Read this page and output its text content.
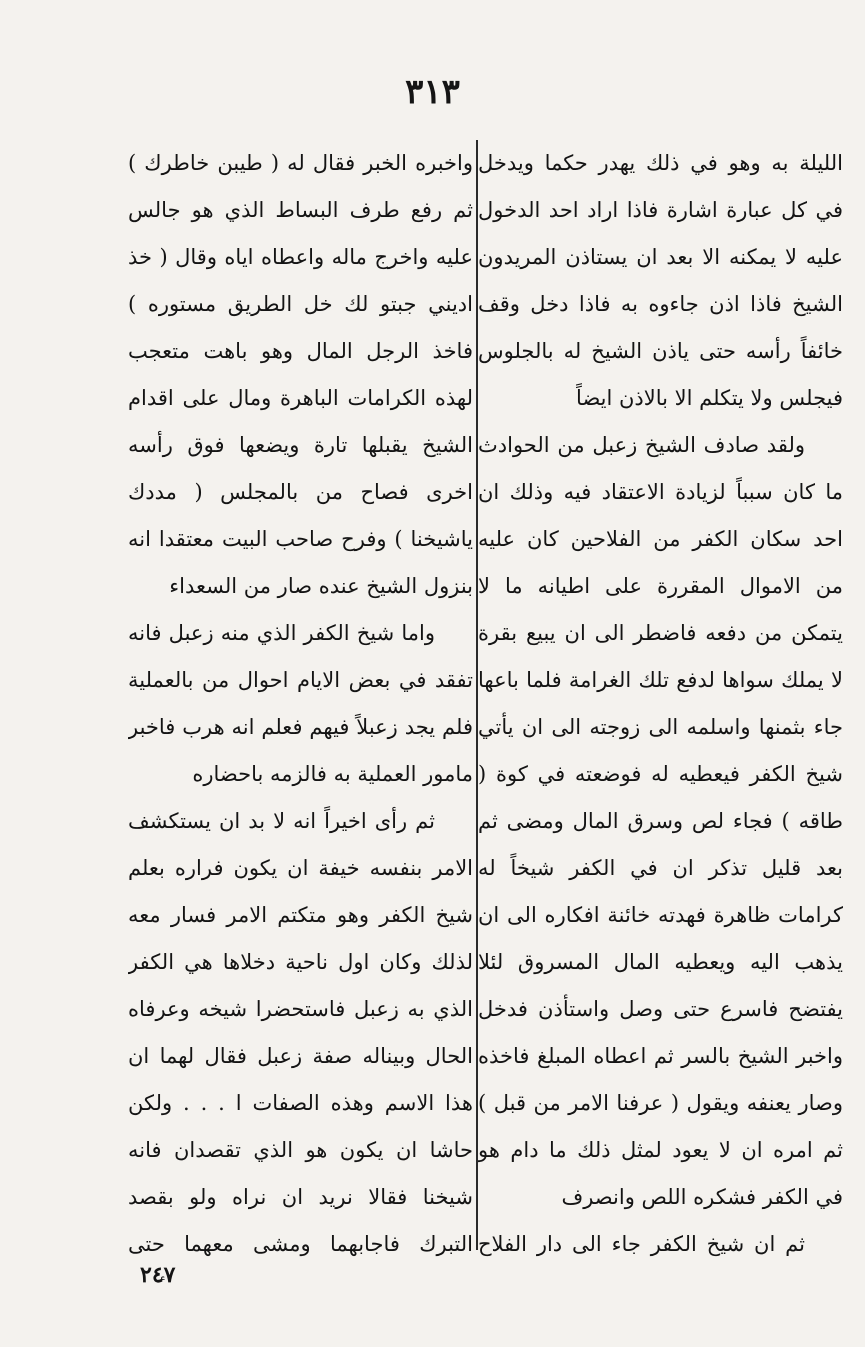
٣١٣

الليلة به وهو في ذلك يهدر حكما ويدخل في كل عبارة اشارة فاذا اراد احد الدخول عليه لا يمكنه الا بعد ان يستاذن المريدون الشيخ فاذا اذن جاءوه به فاذا دخل وقف خائفاً رأسه حتى ياذن الشيخ له بالجلوس فيجلس ولا يتكلم الا بالاذن ايضاً

ولقد صادف الشيخ زعبل من الحوادث ما كان سبباً لزيادة الاعتقاد فيه وذلك ان احد سكان الكفر من الفلاحين كان عليه من الاموال المقررة على اطيانه ما لا يتمكن من دفعه فاضطر الى ان يبيع بقرة لا يملك سواها لدفع تلك الغرامة فلما باعها جاء بثمنها واسلمه الى زوجته الى ان يأتي شيخ الكفر فيعطيه له فوضعته في كوة ( طاقه ) فجاء لص وسرق المال ومضى ثم بعد قليل تذكر ان في الكفر شيخاً له كرامات ظاهرة فهدته خائنة افكاره الى ان يذهب اليه ويعطيه المال المسروق لئلا يفتضح فاسرع حتى وصل واستأذن فدخل واخبر الشيخ بالسر ثم اعطاه المبلغ فاخذه وصار يعنفه ويقول ( عرفنا الامر من قبل ) ثم امره ان لا يعود لمثل ذلك ما دام هو في الكفر فشكره اللص وانصرف

ثم ان شيخ الكفر جاء الى دار الفلاح

واخبره الخبر فقال له ( طيبن خاطرك ) ثم رفع طرف البساط الذي هو جالس عليه واخرج ماله واعطاه اياه وقال ( خذ اديني جبتو لك خل الطريق مستوره ) فاخذ الرجل المال وهو باهت متعجب لهذه الكرامات الباهرة ومال على اقدام الشيخ يقبلها تارة ويضعها فوق رأسه اخرى فصاح من بالمجلس ( مددك ياشيخنا ) وفرح صاحب البيت معتقدا انه بنزول الشيخ عنده صار من السعداء

واما شيخ الكفر الذي منه زعبل فانه تفقد في بعض الايام احوال من بالعملية فلم يجد زعبلاً فيهم فعلم انه هرب فاخبر مامور العملية به فالزمه باحضاره

ثم رأى اخيراً انه لا بد ان يستكشف الامر بنفسه خيفة ان يكون فراره بعلم شيخ الكفر وهو متكتم الامر فسار معه لذلك وكان اول ناحية دخلاها هي الكفر الذي به زعبل فاستحضرا شيخه وعرفاه الحال وبيناله صفة زعبل فقال لهما ان هذا الاسم وهذه الصفات ا . . . ولكن حاشا ان يكون هو الذي تقصدان فانه شيخنا فقالا نريد ان نراه ولو بقصد التبرك فاجابهما ومشى معهما حتى

٢٤٧
